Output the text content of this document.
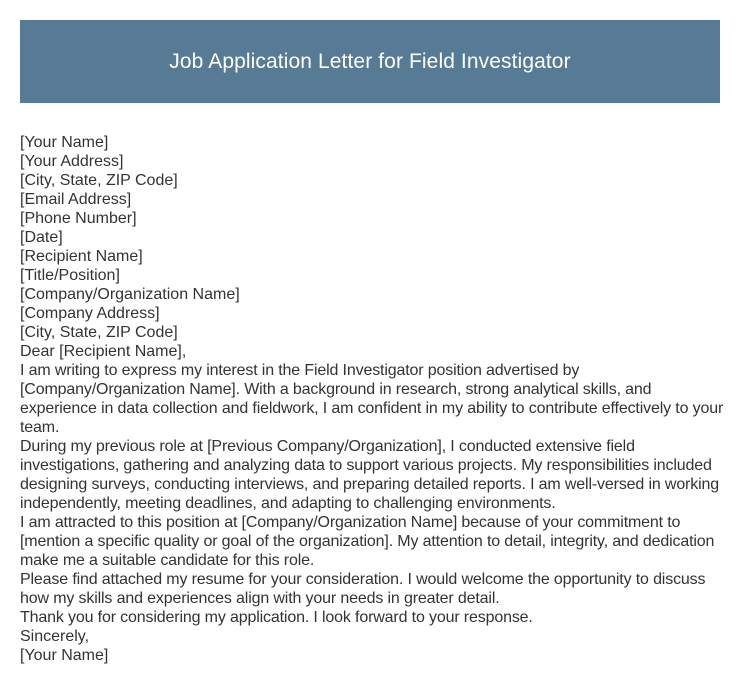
Job Application Letter for Field Investigator
[Your Name]
[Your Address]
[City, State, ZIP Code]
[Email Address]
[Phone Number]
[Date]
[Recipient Name]
[Title/Position]
[Company/Organization Name]
[Company Address]
[City, State, ZIP Code]
Dear [Recipient Name],
I am writing to express my interest in the Field Investigator position advertised by [Company/Organization Name]. With a background in research, strong analytical skills, and experience in data collection and fieldwork, I am confident in my ability to contribute effectively to your team.
During my previous role at [Previous Company/Organization], I conducted extensive field investigations, gathering and analyzing data to support various projects. My responsibilities included designing surveys, conducting interviews, and preparing detailed reports. I am well-versed in working independently, meeting deadlines, and adapting to challenging environments.
I am attracted to this position at [Company/Organization Name] because of your commitment to [mention a specific quality or goal of the organization]. My attention to detail, integrity, and dedication make me a suitable candidate for this role.
Please find attached my resume for your consideration. I would welcome the opportunity to discuss how my skills and experiences align with your needs in greater detail.
Thank you for considering my application. I look forward to your response.
Sincerely,
[Your Name]
